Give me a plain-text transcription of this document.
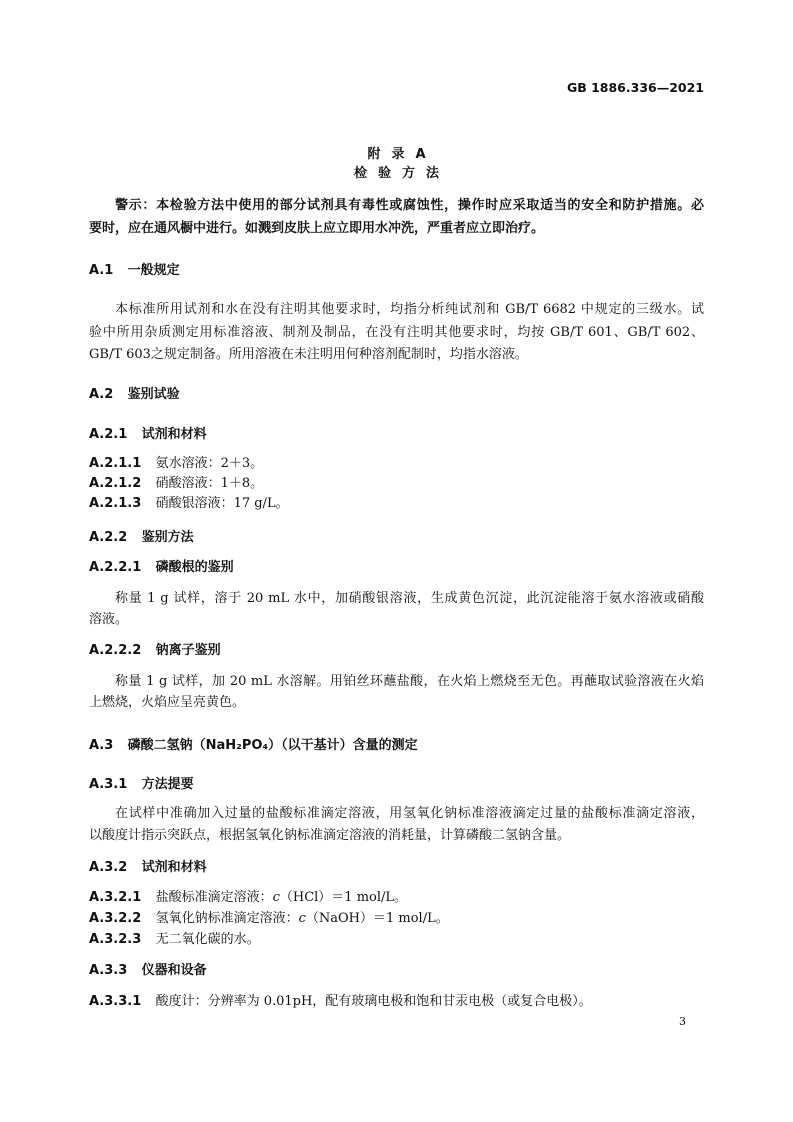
GB 1886.336—2021
附 录 A
检 验 方 法
警示：本检验方法中使用的部分试剂具有毒性或腐蚀性，操作时应采取适当的安全和防护措施。必
要时，应在通风橱中进行。如溅到皮肤上应立即用水冲洗，严重者应立即治疗。
A.1 一般规定
本标准所用试剂和水在没有注明其他要求时，均指分析纯试剂和 GB/T 6682 中规定的三级水。试
验中所用杂质测定用标准溶液、制剂及制品，在没有注明其他要求时，均按 GB/T 601、GB/T 602、
GB/T 603之规定制备。所用溶液在未注明用何种溶剂配制时，均指水溶液。
A.2 鉴别试验
A.2.1 试剂和材料
A.2.1.1 氨水溶液：2＋3。
A.2.1.2 硝酸溶液：1＋8。
A.2.1.3 硝酸银溶液：17 g/L。
A.2.2 鉴别方法
A.2.2.1 磷酸根的鉴别
称量 1 g 试样，溶于 20 mL 水中，加硝酸银溶液，生成黄色沉淀，此沉淀能溶于氨水溶液或硝酸
溶液。
A.2.2.2 钠离子鉴别
称量 1 g 试样，加 20 mL 水溶解。用铂丝环蘸盐酸，在火焰上燃烧至无色。再蘸取试验溶液在火焰
上燃烧，火焰应呈亮黄色。
A.3 磷酸二氢钠（NaH₂PO₄）（以干基计）含量的测定
A.3.1 方法提要
在试样中准确加入过量的盐酸标准滴定溶液，用氢氧化钠标准溶液滴定过量的盐酸标准滴定溶液，
以酸度计指示突跃点，根据氢氧化钠标准滴定溶液的消耗量，计算磷酸二氢钠含量。
A.3.2 试剂和材料
A.3.2.1 盐酸标准滴定溶液：c（HCl）＝1 mol/L。
A.3.2.2 氢氧化钠标准滴定溶液：c（NaOH）＝1 mol/L。
A.3.2.3 无二氧化碳的水。
A.3.3 仪器和设备
A.3.3.1 酸度计：分辨率为 0.01pH，配有玻璃电极和饱和甘汞电极（或复合电极）。
3
